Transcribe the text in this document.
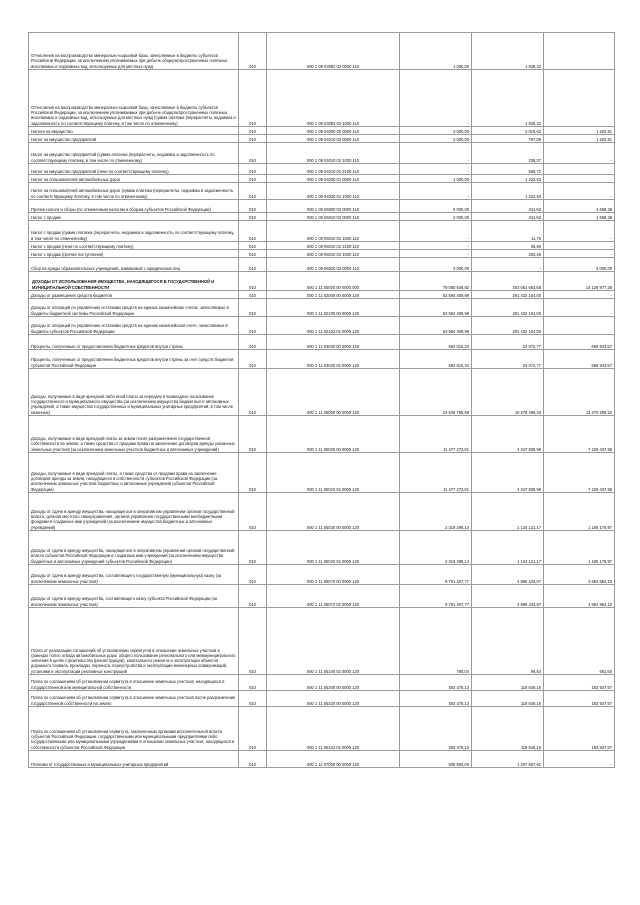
Отчисления на воспроизводство минерально-сырьевой базы, зачисляемые в бюджеты субъектов Российской Федерации, за исключением уплачиваемых при добыче общераспространенных полезных ископаемых и подземных вод, используемых для местных нужд	010	000 1 09 03082 02 0000 110	1 000,00	1 828,22	
Отчисления на воспроизводство минерально-сырьевой базы, зачисляемые в бюджеты субъектов Российской Федерации, за исключением уплачиваемых при добыче общераспространенных полезных ископаемых и подземных вод, используемых для местных нужд (сумма платежа (перерасчеты, недоимка и задолженность по соответствующему платежу, в том числе по отмененному)	010	000 1 09 03082 02 1000 110	-	1 828,22	-
Налоги на имущество	010	000 1 09 04000 00 0000 110	3 000,00	2 019,62	1 202,91
Налог на имущество предприятий	010	000 1 09 04010 02 0000 110	2 000,00	797,09	1 202,91
Налог на имущество предприятий (сумма платежа (перерасчеты, недоимка и задолженность по соответствующему платежу, в том числе по отмененному)	010	000 1 09 04010 02 1000 110	-	238,37	-
Налог на имущество предприятий (пени по соответствующему платежу)	010	000 1 09 04010 02 2100 110	-	558,72	-
Налог на пользователей автомобильных дорог	010	000 1 09 04030 01 0000 110	1 000,00	1 222,53	-
Налог на пользователей автомобильных дорог (сумма платежа (перерасчеты, недоимка и задолженность по соответствующему платежу, в том числе по отмененному)	010	000 1 09 04030 01 1000 110	-	1 222,53	-
Прочие налоги и сборы (по отмененным налогам и сборам субъектов Российской Федерации)	010	000 1 09 06000 02 0000 110	5 000,00	341,62	4 658,38
Налог с продаж	010	000 1 09 06010 02 0000 110	2 000,00	341,62	1 658,38
Налог с продаж (сумма платежа (перерасчеты, недоимка и задолженность по соответствующему платежу, в том числе по отмененному)	010	000 1 09 06010 02 1000 110	-	11,76	-
Налог с продаж (пени по соответствующему платежу)	010	000 1 09 06010 02 2100 110	-	36,60	-
Налог с продаж (прочие поступления)	010	000 1 09 06010 02 4000 110	-	293,46	-
Сбор на нужды образовательных учреждений, взимаемый с юридических лиц	010	000 1 09 06020 02 0000 110	3 000,00	-	3 000,00
ДОХОДЫ ОТ ИСПОЛЬЗОВАНИЯ ИМУЩЕСТВА, НАХОДЯЩЕГОСЯ В ГОСУДАРСТВЕННОЙ И МУНИЦИПАЛЬНОЙ СОБСТВЕННОСТИ	010	000 1 11 00000 00 0000 000	79 080 549,82	303 061 653,58	14 128 977,36
Доходы от размещения средств бюджетов	010	000 1 11 02000 00 0000 120	53 594 409,99	291 432 104,00	-
Доходы от операций по управлению остатками средств на единых казначейских счетах, зачисляемые в бюджеты бюджетной системы Российской Федерации	010	000 1 11 02100 00 0000 120	53 594 409,99	291 432 104,00	-
Доходы от операций по управлению остатками средств на едином казначейском счете, зачисляемые в бюджеты субъектов Российской Федерации	010	000 1 11 02102 02 0000 120	53 594 409,99	291 432 104,00	-
Проценты, полученные от предоставления бюджетных кредитов внутри страны	010	000 1 11 03000 00 0000 120	693 016,34	23 072,77	669 943,57
Проценты, полученные от предоставления бюджетных кредитов внутри страны за счет средств бюджетов субъектов Российской Федерации	010	000 1 11 03020 02 0000 120	693 016,34	23 072,77	669 943,57
Доходы, получаемые в виде арендной либо иной платы за передачу в возмездное пользование государственного и муниципального имущества (за исключением имущества бюджетных и автономных учреждений, а также имущества государственных и муниципальных унитарных предприятий, в том числе казенных)	010	000 1 11 05000 00 0000 120	23 548 758,68	10 278 499,34	13 270 259,52
Доходы, получаемые в виде арендной платы за земли после разграничения государственной собственности на землю, а также средства от продажи права на заключение договоров аренды указанных земельных участков (за исключением земельных участков бюджетных и автономных учреждений)	010	000 1 11 05020 00 0000 120	11 477 273,91	4 247 835,96	7 229 437,95
Доходы, получаемые в виде арендной платы, а также средства от продажи права на заключение договоров аренды за земли, находящиеся в собственности субъектов Российской Федерации (за исключением земельных участков бюджетных и автономных учреждений субъектов Российской Федерации)	010	000 1 11 05022 02 0000 120	11 477 273,91	4 247 835,96	7 229 437,95
Доходы от сдачи в аренду имущества, находящегося в оперативном управлении органов государственной власти, органов местного самоуправления, органов управления государственными внебюджетными фондами и созданных ими учреждений (за исключением имущества бюджетных и автономных учреждений)	010	000 1 11 05030 00 0000 120	2 319 298,14	1 134 121,17	1 185 176,97
Доходы от сдачи в аренду имущества, находящегося в оперативном управлении органов государственной власти субъектов Российской Федерации и созданных ими учреждений (за исключением имущества бюджетных и автономных учреждений субъектов Российской Федерации)	010	000 1 11 05032 02 0000 120	2 319 298,14	1 134 121,17	1 185 176,97
Доходы от сдачи в аренду имущества, составляющего государственную (муниципальную) казну (за исключением земельных участков)	010	000 1 11 05070 00 0000 120	9 751 407,77	4 896 443,67	4 854 964,10
Доходы от сдачи в аренду имущества, составляющего казну субъекта Российской Федерации (за исключением земельных участков)	010	000 1 11 05072 02 0000 120	9 751 407,77	4 896 443,67	4 854 964,10
Плата от реализации соглашений об установлении сервитутов в отношении земельных участков в границах полос отвода автомобильных дорог общего пользования регионального или межмуниципального значения в целях строительства (реконструкции), капитального ремонта и эксплуатации объектов дорожного сервиса, прокладки, переноса, переустройства и эксплуатации инженерных коммуникаций, установки и эксплуатации рекламных конструкций	010	000 1 11 05100 02 0000 120	780,04	98,54	681,50
Плата по соглашениям об установлении сервитута в отношении земельных участков, находящихся в государственной или муниципальной собственности	010	000 1 11 05300 00 0000 120	303 478,13	119 540,16	183 937,97
Плата по соглашениям об установлении сервитута в отношении земельных участков после разграничения государственной собственности на землю	010	000 1 11 05320 00 0000 120	303 478,13	119 540,16	183 937,97
Плата по соглашениям об установлении сервитута, заключенным органами исполнительной власти субъектов Российской Федерации, государственными или муниципальными предприятиями либо государственными или муниципальными учреждениями в отношении земельных участков, находящихся в собственности субъектов Российской Федерации	010	000 1 11 05322 02 0000 120	303 478,13	119 540,16	183 937,97
Платежи от государственных и муниципальных унитарных предприятий	010	000 1 11 07000 00 0000 120	935 500,00	1 207 567,61	-
